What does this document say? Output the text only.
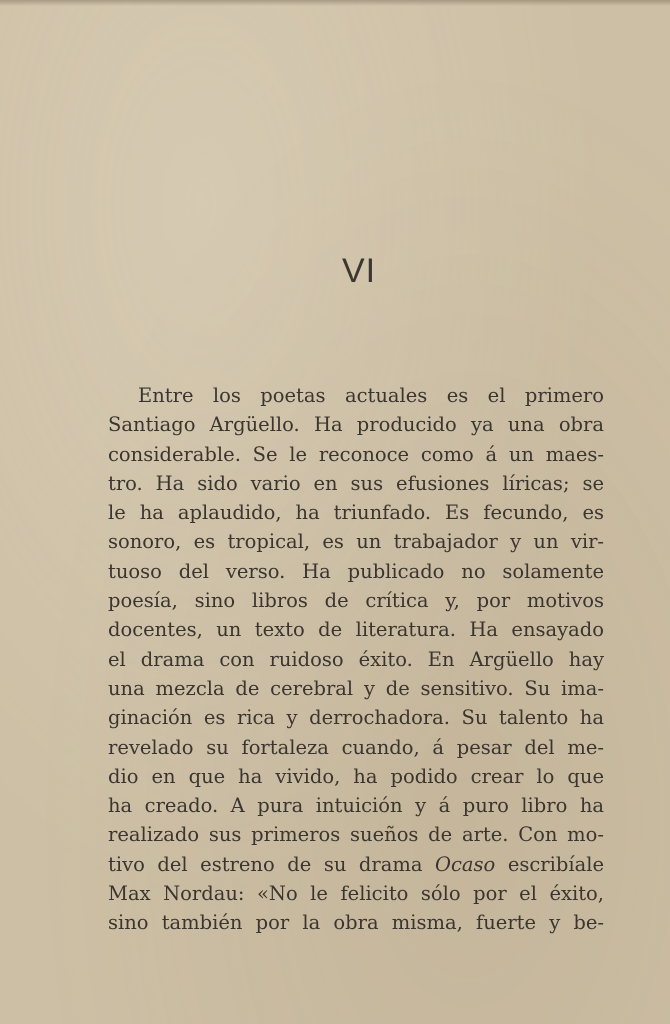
VI
Entre los poetas actuales es el primero
Santiago Argüello. Ha producido ya una obra
considerable. Se le reconoce como á un maes-
tro. Ha sido vario en sus efusiones líricas; se
le ha aplaudido, ha triunfado. Es fecundo, es
sonoro, es tropical, es un trabajador y un vir-
tuoso del verso. Ha publicado no solamente
poesía, sino libros de crítica y, por motivos
docentes, un texto de literatura. Ha ensayado
el drama con ruidoso éxito. En Argüello hay
una mezcla de cerebral y de sensitivo. Su ima-
ginación es rica y derrochadora. Su talento ha
revelado su fortaleza cuando, á pesar del me-
dio en que ha vivido, ha podido crear lo que
ha creado. A pura intuición y á puro libro ha
realizado sus primeros sueños de arte. Con mo-
tivo del estreno de su drama Ocaso escribíale
Max Nordau: «No le felicito sólo por el éxito,
sino también por la obra misma, fuerte y be-
